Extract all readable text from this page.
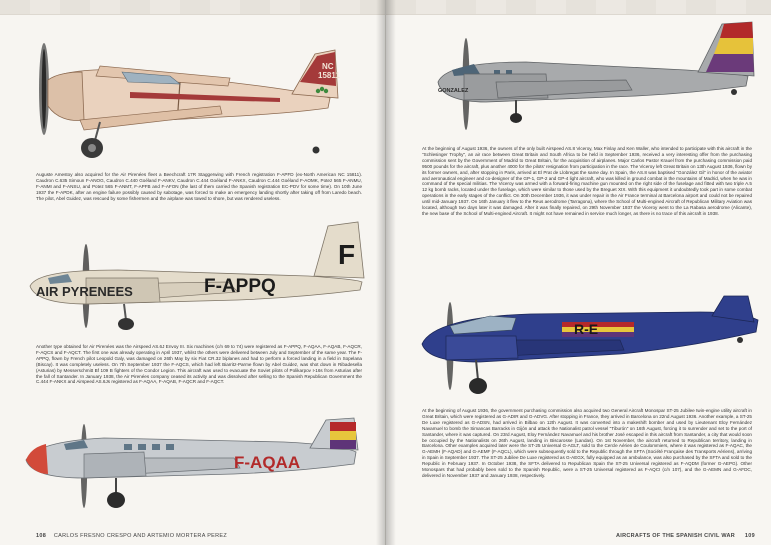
NC
15811

Auguste Amestoy also acquired for the Air Pirenées fleet a Beechcraft 17R Staggerwing with French registration F-APFD (ex-North American NC 15811). Caudron C.635 Simoun F-ANOG, Caudron C.440 Goéland F-ANKV, Caudron C.444 Goéland F-ANKX, Caudron C.444 Goéland F-AOMK, Potez 565 F-ANMU, F-ANMI and F-ANSU, and Potez 565 F-ANMT, F-APFB and F-AFON (the last of them carried the Spanish registration EC-PDV for some time). On 10th June 1937 the F-APDK, after an engine failure possibly caused by sabotage, was forced to make an emergency landing shortly after taking off from Laredo beach. The pilot, Abel Guidez, was rescued by some fishermen and the airplane was towed to shore, but was rendered useless.

AIR PYRENEES	F-APPQ
F

Another type obtained for Air Pirenées was the Airspeed AS.6J Envoy III. Six machines (c/n 69 to 74) were registered as F-APPQ, F-AQAA, F-AQAB, F-AQCR, F-AQCS and F-AQCT. The first one was already operating in April 1937, whilst the others were delivered between July and September of the same year. The F-APPQ, flown by French pilot Leopold Galy, was damaged on 26th May by six Fiat CR.32 biplanes and had to perform a forced landing in a field in Sopelana (Biscay). It was completely useless. On 7th September 1937 the F-AQCS, which had left Biarritz-Parme flown by Abel Guidez, was shot down in Ribadesella (Asturias) by Messerschmitt Bf 109 B fighters of the Condor Legion. This aircraft was used to evacuate the Soviet pilots of Polikarpov I-16s from Asturias after the fall of Santander. In January 1938, the Air Pirenées company ceased its activity and was dissolved after selling to the Spanish Republican Government the C.444 F-ANKX and Airspeed AS.6Js registered as F-AQAA, F-AQAB, F-AQCR and F-AQCT.

F-AQAA
108 CARLOS FRESNO CRESPO AND ARTEMIO MORTERA PEREZ
GONZALEZ

At the beginning of August 1936, the owners of the only built Airspeed AS.8 Viceroy, Max Finlay and Ken Waller, who intended to participate with this aircraft in the "Schlesinger Trophy", an air race between Great Britain and South Africa to be held in September 1936, received a very interesting offer from the purchasing commission sent by the Government of Madrid to Great Britain, for the acquisition of airplanes. Major Carlos Pastor Krauel from the purchasing commission paid 9500 pounds for the aircraft, plus another 4000 for the pilots' resignation from participation in the race. The Viceroy left Great Britain on 13th August 1936, flown by its former owners, and, after stopping in Paris, arrived at El Prat de Llobregat the same day. In Spain, the AS.8 was baptised "González Gil" in honor of the aviator and aeronautical engineer and co-designer of the GP-1, GP-2 and GP-4 light aircraft, who was killed in ground combat in the mountains of Madrid, when he was in command of the special militias. The Viceroy was armed with a forward-firing machine gun mounted on the right side of the fuselage and fitted with two triple A.5 12 kg bomb racks, located under the fuselage, which were similar to those used by the Breguet XIX. With this equipment it undoubtedly took part in some combat operations in the early stages of the conflict. On 30th December 1936, it was under repair in the Air France terminal at Barcelona airport and could not be repaired until mid-January 1937. On 16th January it flew to the Reus aerodrome (Tarragona), where the School of Multi-engined Aircraft of Republican Military Aviation was located, although two days later it was damaged. After it was finally repaired, on 29th November 1937 the Viceroy went to the La Rabasa aerodrome (Alicante), the new base of the School of Multi-engined Aircraft. It might not have remained in service much longer, as there is no trace of this aircraft in 1938.

R-E

At the beginning of August 1936, the government purchasing commission also acquired two General Aircraft Monospar ST-25 Jubilee twin-engine utility aircraft in Great Britain, which were registered as G-ADIR and G-ADVG. After stopping in France, they arrived in Barcelona on 22nd August 1936. Another example, a ST-25 De Luxe registered as G-ADSN, had arrived in Bilbao on 12th August. It was converted into a makeshift bomber and used by Lieutenant Eloy Fernández Navamuel to bomb the Simancas Barracks in Gijón and attack the Nationalist patrol vessel "Tiburón" on 16th August, forcing it to surrender and set to the port of Santander, where it was captured. On 23rd August, Eloy Fernández Navamuel and his brother José escaped in this aircraft from Santander, a city that would soon be occupied by the Nationalists on 26th August, landing in Biscarosse (Landas). On 1st November, the aircraft returned to Republican territory, landing in Barcelona. Other examples acquired later were the ST-25 Universal G-AGLT, sold to the Cercle Aérien de Coulommiers, where it was registered as F-AQAC, the G-AEMH (F-AQAD) and G-AEMF (F-AQCL), which were subsequently sold to the Republic through the SFTA (Société Française des Transports Aériens), arriving in Spain in September 1937. The ST-25 Jubilee De Luxe registered as G-AEGX, fully equipped as an ambulance, was also purchased by the SFTA and sold to the Republic in February 1937. In October 1938, the SFTA delivered to Republican Spain the ST-25 Universal registered as F-AQDM (former G-AEPG). Other Monospars that had probably been sold to the Spanish Republic, were a ST-25 Universal registered as F-AQCI (c/n 107), and the G-AEMN and G-AFDC, delivered in November 1937 and January 1938, respectively.

AIRCRAFTS OF THE SPANISH CIVIL WAR 109
